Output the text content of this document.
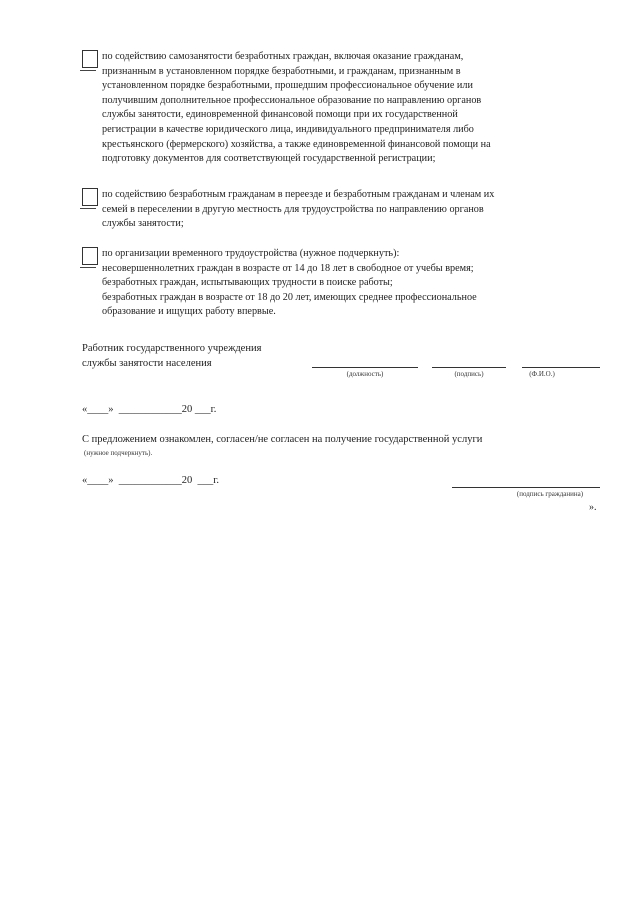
по содействию самозанятости безработных граждан, включая оказание гражданам,
признанным в установленном порядке безработными, и гражданам, признанным в
установленном порядке безработными, прошедшим профессиональное обучение или
получившим дополнительное профессиональное образование по направлению органов
службы занятости, единовременной финансовой помощи при их государственной
регистрации в качестве юридического лица, индивидуального предпринимателя либо
крестьянского (фермерского) хозяйства, а также единовременной финансовой помощи на
подготовку документов для соответствующей государственной регистрации;
по содействию безработным гражданам в переезде и безработным гражданам и членам их
семей в переселении в другую местность для трудоустройства по направлению органов
службы занятости;
по организации временного трудоустройства (нужное подчеркнуть):
несовершеннолетних граждан в возрасте от 14 до 18 лет в свободное от учебы время;
безработных граждан, испытывающих трудности в поиске работы;
безработных граждан в возрасте от 18 до 20 лет, имеющих среднее профессиональное
образование и ищущих работу впервые.
Работник государственного учреждения
службы занятости населения
(должность)	(подпись)	(Ф.И.О.)
«____»  ____________20 ___г.
С предложением ознакомлен, согласен/не согласен на получение государственной услуги
(нужное подчеркнуть).
«____»  ____________20  ___г.
(подпись гражданина)
».
